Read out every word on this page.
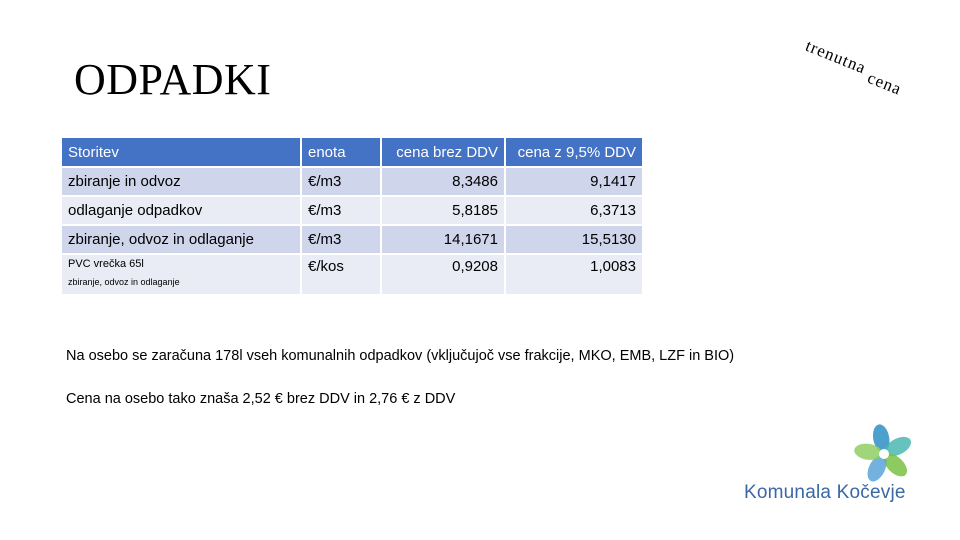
ODPADKI	trenutna
cena
Storitev	enota	cena brez DDV	cena z 9,5% DDV
zbiranje in odvoz	€/m3	8,3486	9,1417
odlaganje odpadkov	€/m3	5,8185	6,3713
zbiranje, odvoz in odlaganje	€/m3	14,1671	15,5130

PVC vrečka 65l
zbiranje, odvoz in odlaganje	€/kos	0,9208	1,0083
Na osebo se zaračuna 178l vseh komunalnih odpadkov (vključujoč vse frakcije, MKO, EMB, LZF in BIO)
Cena na osebo tako znaša 2,52 € brez DDV in 2,76 € z DDV
Komunala Kočevje
